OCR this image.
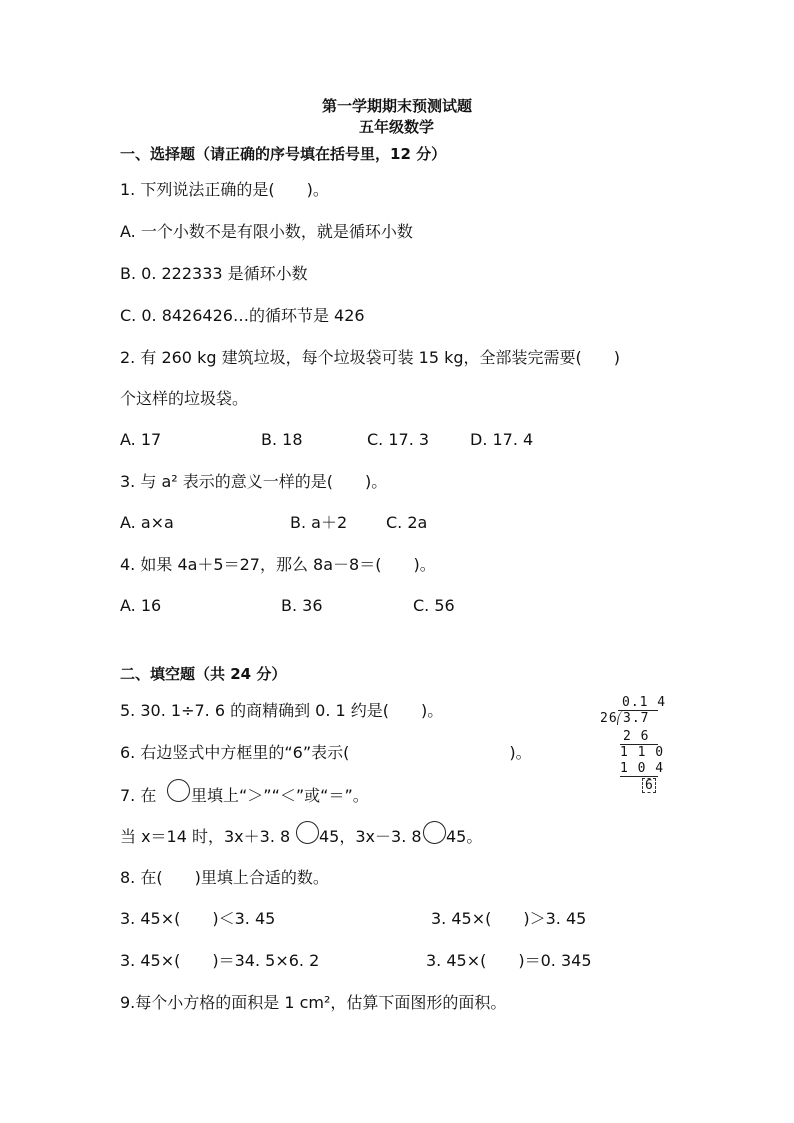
第一学期期末预测试题
五年级数学
一、选择题（请正确的序号填在括号里，12 分）
1. 下列说法正确的是(　　)。
A. 一个小数不是有限小数，就是循环小数
B. 0. 222333 是循环小数
C. 0. 8426426…的循环节是 426
2. 有 260 kg 建筑垃圾，每个垃圾袋可装 15 kg，全部装完需要(　　)
个这样的垃圾袋。
A. 17	B. 18	C. 17. 3	D. 17. 4
3. 与 a² 表示的意义一样的是(　　)。
A. a×a	B. a＋2 C. 2a
4. 如果 4a＋5＝27，那么 8a－8＝(　　)。
A. 16	B. 36	C. 56
二、填空题（共 24 分）
5. 30. 1÷7. 6 的商精确到 0. 1 约是(　　)。
6. 右边竖式中方框里的“6”表示(　　　　　　　　　　)。
7. 在 里填上“＞”“＜”或“＝”。
当 x＝14 时，3x＋3. 8 45，3x－3. 8 45。
8. 在(　　)里填上合适的数。
3. 45×(　　)＜3. 45	3. 45×(　　)＞3. 45
3. 45×(　　)＝34. 5×6. 2	3. 45×(　　)＝0. 345
9.每个小方格的面积是 1 cm²，估算下面图形的面积。
0.1 4
26 3.7
2 6
1 1 0
1 0 4
6
